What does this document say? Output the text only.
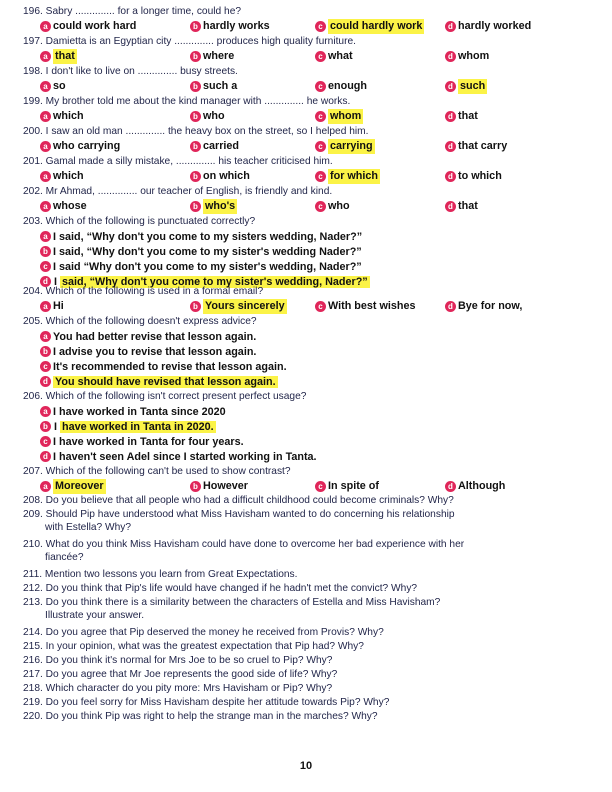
196. Sabry .............. for a longer time, could he?
a could work hard	b hardly works	c could hardly work	d hardly worked
197. Damietta is an Egyptian city .............. produces high quality furniture.
a that	b where	c what	d whom
198. I don't like to live on .............. busy streets.
a so	b such a	c enough	d such
199. My brother told me about the kind manager with .............. he works.
a which	b who	c whom	d that
200. I saw an old man .............. the heavy box on the street, so I helped him.
a who carrying	b carried	c carrying	d that carry
201. Gamal made a silly mistake, .............. his teacher criticised him.
a which	b on which	c for which	d to which
202. Mr Ahmad, .............. our teacher of English, is friendly and kind.
a whose	b who's	c who	d that
203. Which of the following is punctuated correctly?
a I said, “Why don't you come to my sisters wedding, Nader?”
b I said, “Why don't you come to my sister's wedding Nader?”
c I said “Why don't you come to my sister's wedding, Nader?”
d I said, “Why don't you come to my sister's wedding, Nader?”
204. Which of the following is used in a formal email?
a Hi	b Yours sincerely	c With best wishes	d Bye for now,
205. Which of the following doesn't express advice?
a You had better revise that lesson again.
b I advise you to revise that lesson again.
c It's recommended to revise that lesson again.
d You should have revised that lesson again.
206. Which of the following isn't correct present perfect usage?
a I have worked in Tanta since 2020
b I have worked in Tanta in 2020.
c I have worked in Tanta for four years.
d I haven't seen Adel since I started working in Tanta.
207. Which of the following can't be used to show contrast?
a Moreover	b However	c In spite of	d Although
208. Do you believe that all people who had a difficult childhood could become criminals? Why?
209. Should Pip have understood what Miss Havisham wanted to do concerning his relationship
with Estella? Why?
210. What do you think Miss Havisham could have done to overcome her bad experience with her
fiancée?
211. Mention two lessons you learn from Great Expectations.
212. Do you think that Pip's life would have changed if he hadn't met the convict? Why?
213. Do you think there is a similarity between the characters of Estella and Miss Havisham?
Illustrate your answer.
214. Do you agree that Pip deserved the money he received from Provis? Why?
215. In your opinion, what was the greatest expectation that Pip had? Why?
216. Do you think it's normal for Mrs Joe to be so cruel to Pip? Why?
217. Do you agree that Mr Joe represents the good side of life? Why?
218. Which character do you pity more: Mrs Havisham or Pip? Why?
219. Do you feel sorry for Miss Havisham despite her attitude towards Pip? Why?
220. Do you think Pip was right to help the strange man in the marches? Why?
10
